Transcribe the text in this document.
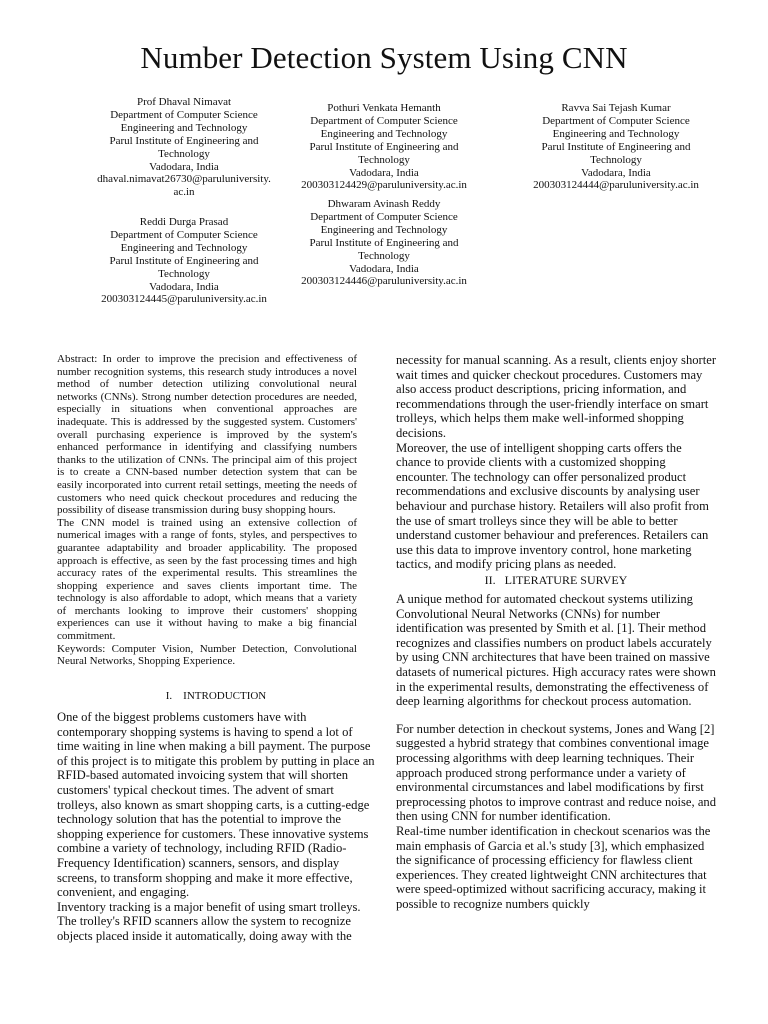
Number Detection System Using CNN
Prof Dhaval Nimavat
Department of Computer Science
Engineering and Technology
Parul Institute of Engineering and
Technology
Vadodara, India
dhaval.nimavat26730@paruluniversity.
ac.in
Pothuri Venkata Hemanth
Department of Computer Science
Engineering and Technology
Parul Institute of Engineering and
Technology
Vadodara, India
200303124429@paruluniversity.ac.in
Ravva Sai Tejash Kumar
Department of Computer Science
Engineering and Technology
Parul Institute of Engineering and
Technology
Vadodara, India
200303124444@paruluniversity.ac.in
Reddi Durga Prasad
Department of Computer Science
Engineering and Technology
Parul Institute of Engineering and
Technology
Vadodara, India
200303124445@paruluniversity.ac.in
Dhwaram Avinash Reddy
Department of Computer Science
Engineering and Technology
Parul Institute of Engineering and
Technology
Vadodara, India
200303124446@paruluniversity.ac.in

Abstract: In order to improve the precision and effectiveness of number recognition systems, this research study introduces a novel method of number detection utilizing convolutional neural networks (CNNs). Strong number detection procedures are needed, especially in situations when conventional approaches are inadequate. This is addressed by the suggested system. Customers' overall purchasing experience is improved by the system's enhanced performance in identifying and classifying numbers thanks to the utilization of CNNs. The principal aim of this project is to create a CNN-based number detection system that can be easily incorporated into current retail settings, meeting the needs of customers who need quick checkout procedures and reducing the possibility of disease transmission during busy shopping hours.

The CNN model is trained using an extensive collection of numerical images with a range of fonts, styles, and perspectives to guarantee adaptability and broader applicability. The proposed approach is effective, as seen by the fast processing times and high accuracy rates of the experimental results. This streamlines the shopping experience and saves clients important time. The technology is also affordable to adopt, which means that a variety of merchants looking to improve their customers' shopping experiences can use it without having to make a big financial commitment.

Keywords: Computer Vision, Number Detection, Convolutional Neural Networks, Shopping Experience.

I. INTRODUCTION

One of the biggest problems customers have with contemporary shopping systems is having to spend a lot of time waiting in line when making a bill payment. The purpose of this project is to mitigate this problem by putting in place an RFID-based automated invoicing system that will shorten customers' typical checkout times. The advent of smart trolleys, also known as smart shopping carts, is a cutting-edge technology solution that has the potential to improve the shopping experience for customers. These innovative systems combine a variety of technology, including RFID (Radio-Frequency Identification) scanners, sensors, and display screens, to transform shopping and make it more effective, convenient, and engaging.

Inventory tracking is a major benefit of using smart trolleys. The trolley's RFID scanners allow the system to recognize objects placed inside it automatically, doing away with the

necessity for manual scanning. As a result, clients enjoy shorter wait times and quicker checkout procedures. Customers may also access product descriptions, pricing information, and recommendations through the user-friendly interface on smart trolleys, which helps them make well-informed shopping decisions.

Moreover, the use of intelligent shopping carts offers the chance to provide clients with a customized shopping encounter. The technology can offer personalized product recommendations and exclusive discounts by analysing user behaviour and purchase history. Retailers will also profit from the use of smart trolleys since they will be able to better understand customer behaviour and preferences. Retailers can use this data to improve inventory control, hone marketing tactics, and modify pricing plans as needed.

II.   LITERATURE SURVEY

A unique method for automated checkout systems utilizing Convolutional Neural Networks (CNNs) for number identification was presented by Smith et al. [1]. Their method recognizes and classifies numbers on product labels accurately by using CNN architectures that have been trained on massive datasets of numerical pictures. High accuracy rates were shown in the experimental results, demonstrating the effectiveness of deep learning algorithms for checkout process automation.

For number detection in checkout systems, Jones and Wang [2] suggested a hybrid strategy that combines conventional image processing algorithms with deep learning techniques. Their approach produced strong performance under a variety of environmental circumstances and label modifications by first preprocessing photos to improve contrast and reduce noise, and then using CNN for number identification.

Real-time number identification in checkout scenarios was the main emphasis of Garcia et al.'s study [3], which emphasized the significance of processing efficiency for flawless client experiences. They created lightweight CNN architectures that were speed-optimized without sacrificing accuracy, making it possible to recognize numbers quickly
